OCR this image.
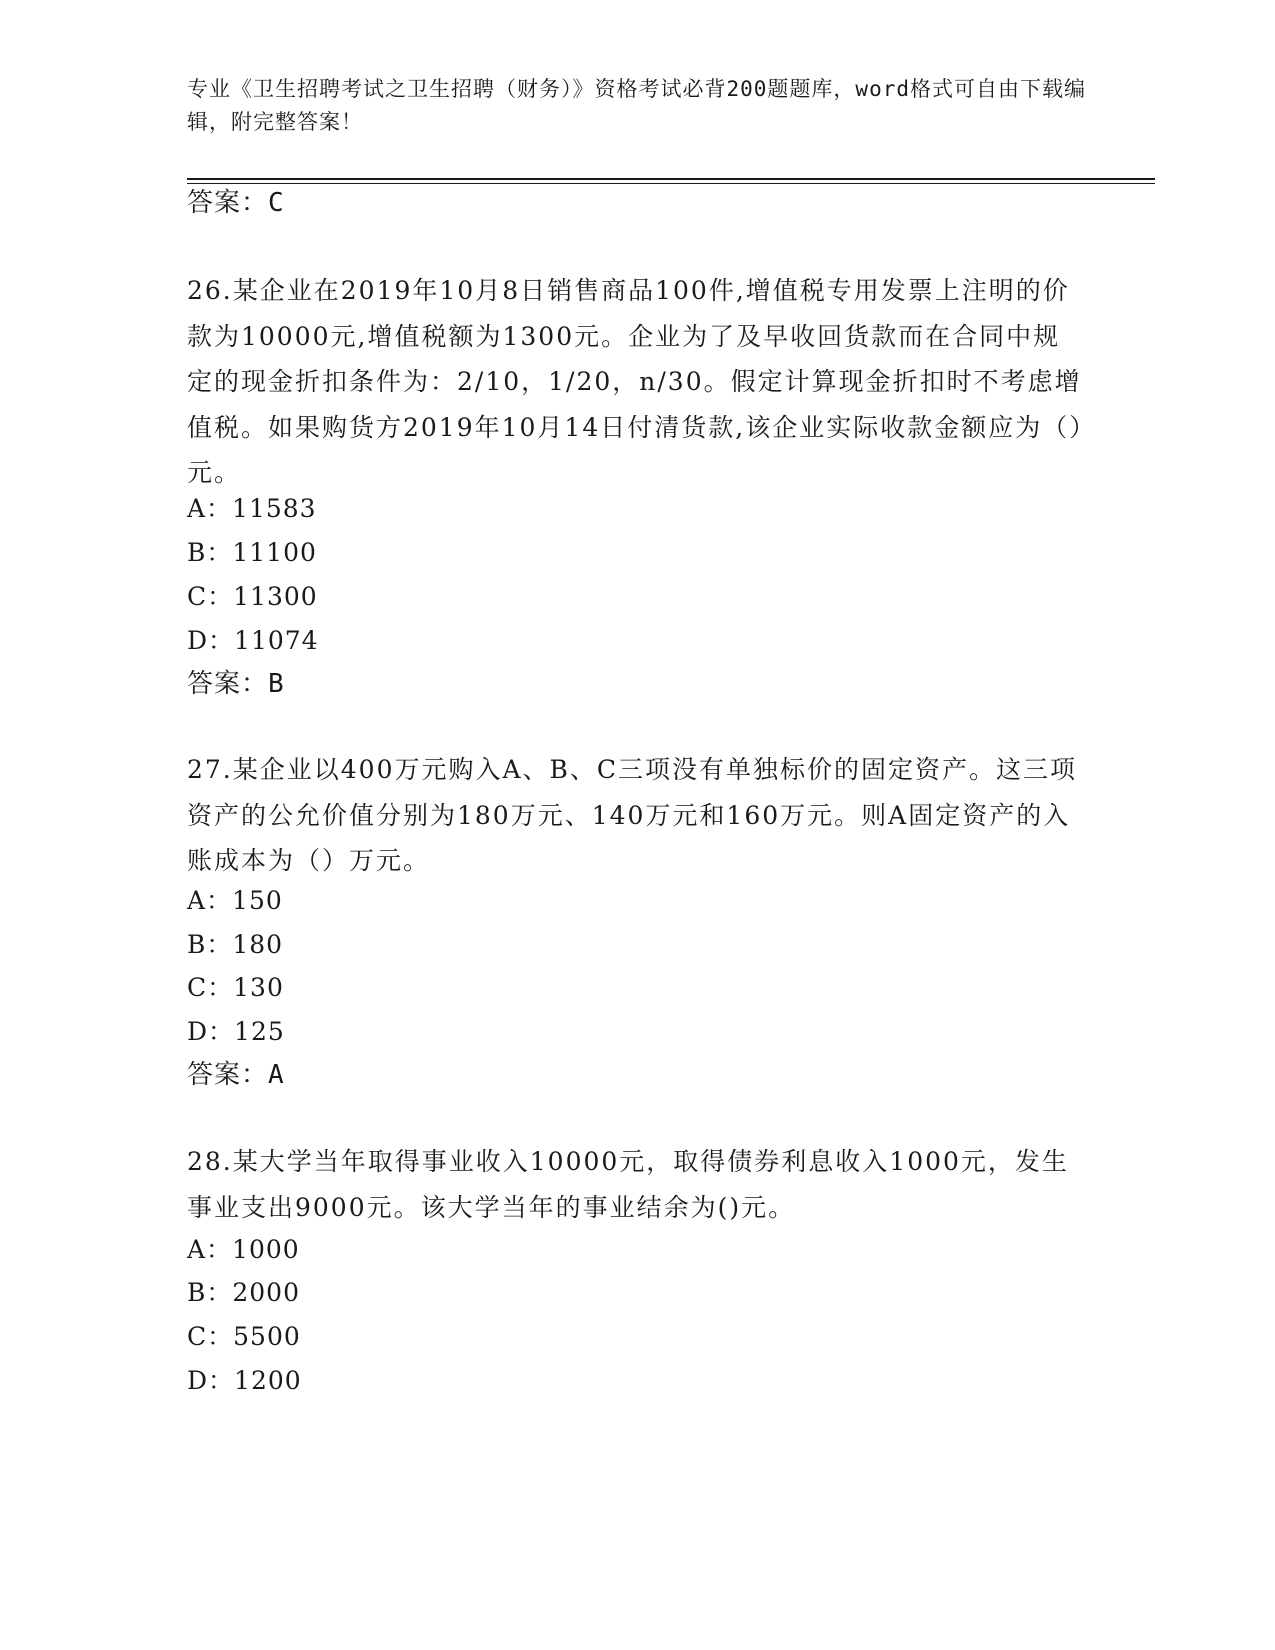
专业《卫生招聘考试之卫生招聘（财务）》资格考试必背200题题库，word格式可自由下载编辑，附完整答案！
答案：C
26.某企业在2019年10月8日销售商品100件,增值税专用发票上注明的价款为10000元,增值税额为1300元。企业为了及早收回货款而在合同中规定的现金折扣条件为：2/10，1/20，n/30。假定计算现金折扣时不考虑增值税。如果购货方2019年10月14日付清货款,该企业实际收款金额应为（）元。
A：11583
B：11100
C：11300
D：11074
答案：B
27.某企业以400万元购入A、B、C三项没有单独标价的固定资产。这三项资产的公允价值分别为180万元、140万元和160万元。则A固定资产的入账成本为（）万元。
A：150
B：180
C：130
D：125
答案：A
28.某大学当年取得事业收入10000元，取得债券利息收入1000元，发生事业支出9000元。该大学当年的事业结余为()元。
A：1000
B：2000
C：5500
D：1200
